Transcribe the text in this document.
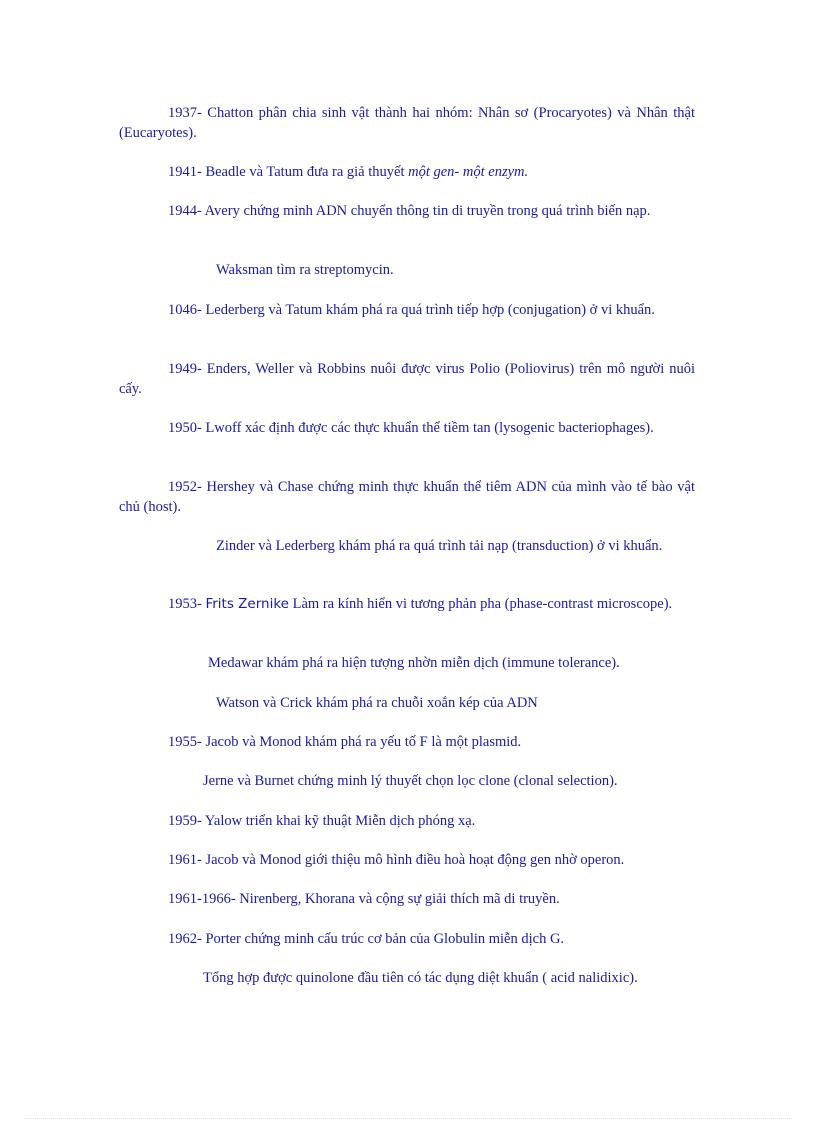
1937- Chatton phân chia sinh vật thành hai nhóm: Nhân sơ (Procaryotes) và Nhân thật (Eucaryotes).

1941- Beadle và Tatum đưa ra giả thuyết một gen- một enzym.

1944- Avery chứng minh ADN chuyển thông tin di truyền trong quá trình biến nạp.

Waksman tìm ra streptomycin.

1046- Lederberg và Tatum khám phá ra quá trình tiếp hợp (conjugation) ở vi khuẩn.

1949- Enders, Weller và Robbins nuôi được virus Polio (Poliovirus) trên mô người nuôi cấy.

1950- Lwoff xác định được các thực khuẩn thể tiềm tan (lysogenic bacteriophages).

1952- Hershey và Chase chứng minh thực khuẩn thể tiêm ADN của mình vào tế bào vật chủ (host).

Zinder và Lederberg khám phá ra quá trình tải nạp (transduction) ở vi khuẩn.

1953- Frits Zernike Làm ra kính hiển vi tương phản pha (phase-contrast microscope).

Medawar khám phá ra hiện tượng nhờn miễn dịch (immune tolerance).

Watson và Crick khám phá ra chuỗi xoắn kép của ADN

1955- Jacob và Monod khám phá ra yếu tố F là một plasmid.

Jerne và Burnet chứng minh lý thuyết chọn lọc clone (clonal selection).

1959- Yalow triển khai kỹ thuật Miễn dịch phóng xạ.

1961- Jacob và Monod giới thiệu mô hình điều hoà hoạt động gen nhờ operon.

1961-1966- Nirenberg, Khorana và cộng sự giải thích mã di truyền.

1962- Porter chứng minh cấu trúc cơ bản của Globulin miễn dịch G.

Tổng hợp được quinolone đầu tiên có tác dụng diệt khuẩn ( acid nalidixic).
